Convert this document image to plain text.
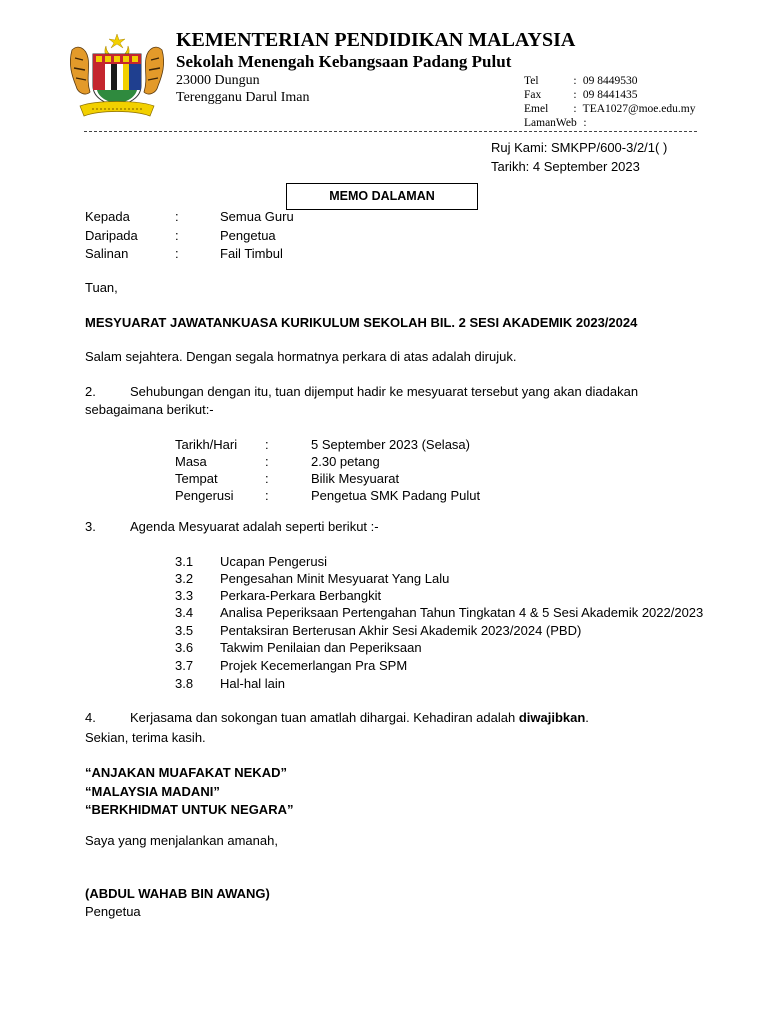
KEMENTERIAN PENDIDIKAN MALAYSIA
Sekolah Menengah Kebangsaan Padang Pulut
23000 Dungun
Terengganu Darul Iman
Tel	: 09 8449530
Fax	: 09 8441435
Emel : TEA1027@moe.edu.my
LamanWeb :
Ruj Kami: SMKPP/600-3/2/1( )
Tarikh: 4 September 2023
MEMO DALAMAN
Kepada	:	Semua Guru
Daripada	:	Pengetua
Salinan	:	Fail Timbul
Tuan,
MESYUARAT JAWATANKUASA KURIKULUM SEKOLAH BIL. 2 SESI AKADEMIK 2023/2024
Salam sejahtera. Dengan segala hormatnya perkara di atas adalah dirujuk.
2.	Sehubungan dengan itu, tuan dijemput hadir ke mesyuarat tersebut yang akan diadakan
sebagaimana berikut:-
Tarikh/Hari :	5 September 2023 (Selasa)
Masa	:	2.30 petang
Tempat	:	Bilik Mesyuarat
Pengerusi :	Pengetua SMK Padang Pulut
3.	Agenda Mesyuarat adalah seperti berikut :-
3.1 Ucapan Pengerusi
3.2 Pengesahan Minit Mesyuarat Yang Lalu
3.3 Perkara-Perkara Berbangkit
3.4 Analisa Peperiksaan Pertengahan Tahun Tingkatan 4 & 5 Sesi Akademik 2022/2023
3.5 Pentaksiran Berterusan Akhir Sesi Akademik 2023/2024 (PBD)
3.6 Takwim Penilaian dan Peperiksaan
3.7 Projek Kecemerlangan Pra SPM
3.8 Hal-hal lain
4.	Kerjasama dan sokongan tuan amatlah dihargai. Kehadiran adalah diwajibkan.
Sekian, terima kasih.
“ANJAKAN MUAFAKAT NEKAD”
“MALAYSIA MADANI”
“BERKHIDMAT UNTUK NEGARA”
Saya yang menjalankan amanah,
(ABDUL WAHAB BIN AWANG)
Pengetua
